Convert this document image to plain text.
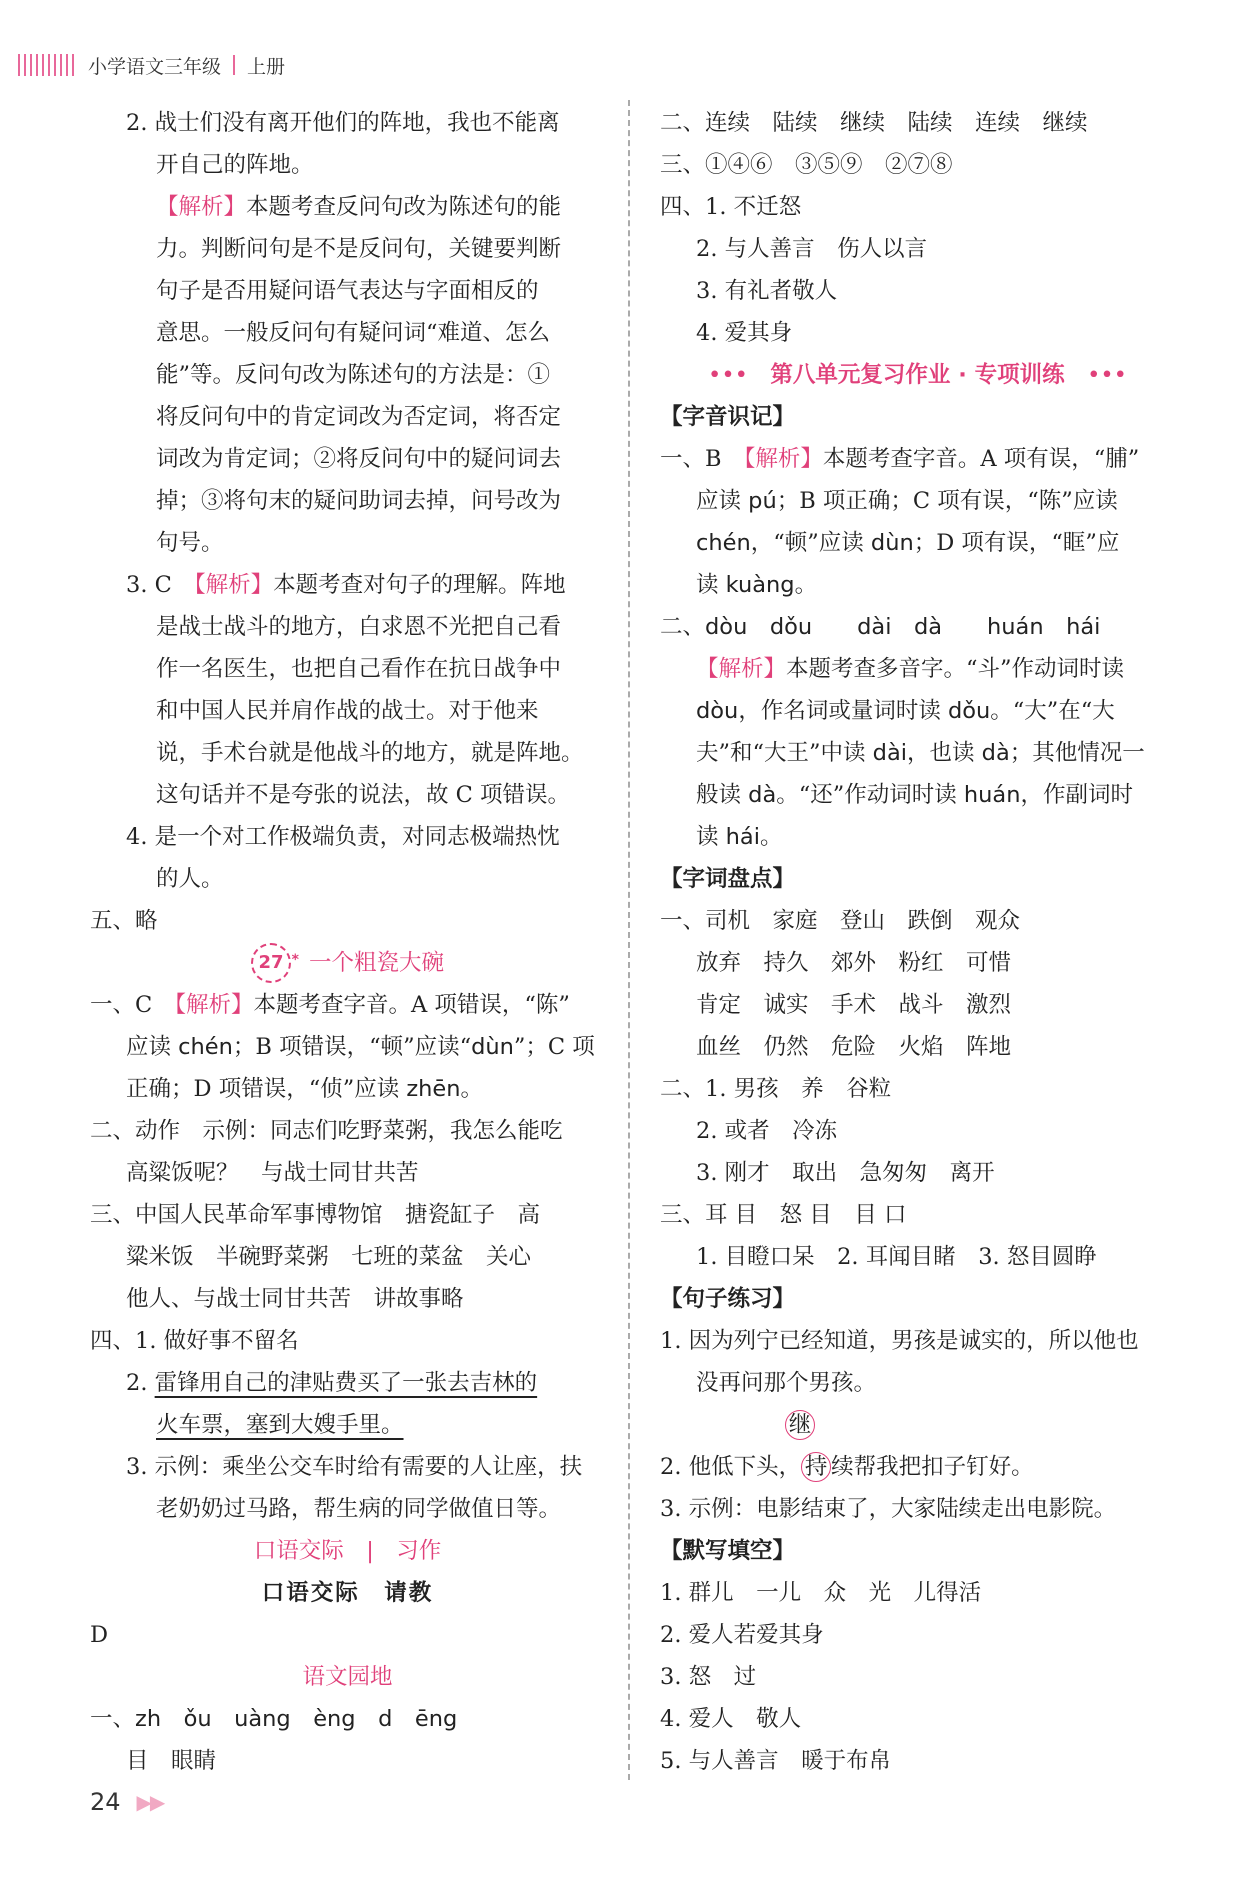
小学语文三年级 上册
2. 战士们没有离开他们的阵地，我也不能离
开自己的阵地。
【解析】本题考查反问句改为陈述句的能
力。判断问句是不是反问句，关键要判断
句子是否用疑问语气表达与字面相反的
意思。一般反问句有疑问词“难道、怎么
能”等。反问句改为陈述句的方法是：①
将反问句中的肯定词改为否定词，将否定
词改为肯定词；②将反问句中的疑问词去
掉；③将句末的疑问助词去掉，问号改为
句号。
3. C　 【解析】本题考查对句子的理解。阵地
是战士战斗的地方，白求恩不光把自己看
作一名医生，也把自己看作在抗日战争中
和中国人民并肩作战的战士。对于他来
说，手术台就是他战斗的地方，就是阵地。
这句话并不是夸张的说法，故 C 项错误。
4. 是一个对工作极端负责，对同志极端热忱
的人。
五、略
27 * 一个粗瓷大碗
一、C　 【解析】本题考查字音。A 项错误，“陈”
应读 chén；B 项错误，“顿”应读“dùn”；C 项
正确；D 项错误，“侦”应读 zhēn。
二、动作　示例：同志们吃野菜粥，我怎么能吃
高粱饭呢？　与战士同甘共苦
三、中国人民革命军事博物馆　搪瓷缸子　高
粱米饭　半碗野菜粥　七班的菜盆　关心
他人、与战士同甘共苦　讲故事略
四、1. 做好事不留名
2. 雷锋用自己的津贴费买了一张去吉林的
火车票，塞到大嫂手里。
3. 示例：乘坐公交车时给有需要的人让座，扶
老奶奶过马路，帮生病的同学做值日等。
口语交际　|　习作
口语交际　请教
D
语文园地
一、zh　ǒu　uàng　èng　d　ēng
目　眼睛
二、连续　陆续　继续　陆续　连续　继续
三、①④⑥　③⑤⑨　②⑦⑧
四、1. 不迁怒
2. 与人善言　伤人以言
3. 有礼者敬人
4. 爱其身
•••　 第八单元复习作业 · 专项训练　 •••
【字音识记】
一、B　 【解析】本题考查字音。A 项有误，“脯”
应读 pú；B 项正确；C 项有误，“陈”应读
chén，“顿”应读 dùn；D 项有误，“眶”应
读 kuàng。
二、dòu　dǒu　　dài　dà　　huán　hái
【解析】本题考查多音字。“斗”作动词时读
dòu，作名词或量词时读 dǒu。“大”在“大
夫”和“大王”中读 dài，也读 dà；其他情况一
般读 dà。“还”作动词时读 huán，作副词时
读 hái。
【字词盘点】
一、司机　家庭　登山　跌倒　观众
放弃　持久　郊外　粉红　可惜
肯定　诚实　手术　战斗　激烈
血丝　仍然　危险　火焰　阵地
二、1. 男孩　养　谷粒
2. 或者　冷冻
3. 刚才　取出　急匆匆　离开
三、耳 目　怒 目　目 口
1. 目瞪口呆　2. 耳闻目睹　3. 怒目圆睁
【句子练习】
1. 因为列宁已经知道，男孩是诚实的，所以他也
没再问那个男孩。
继
2. 他低下头， 持 续帮我把扣子钉好。
3. 示例：电影结束了，大家陆续走出电影院。
【默写填空】
1. 群儿　一儿　众　光　儿得活
2. 爱人若爱其身
3. 怒　过
4. 爱人　敬人
5. 与人善言　暖于布帛
24 ▶▶
